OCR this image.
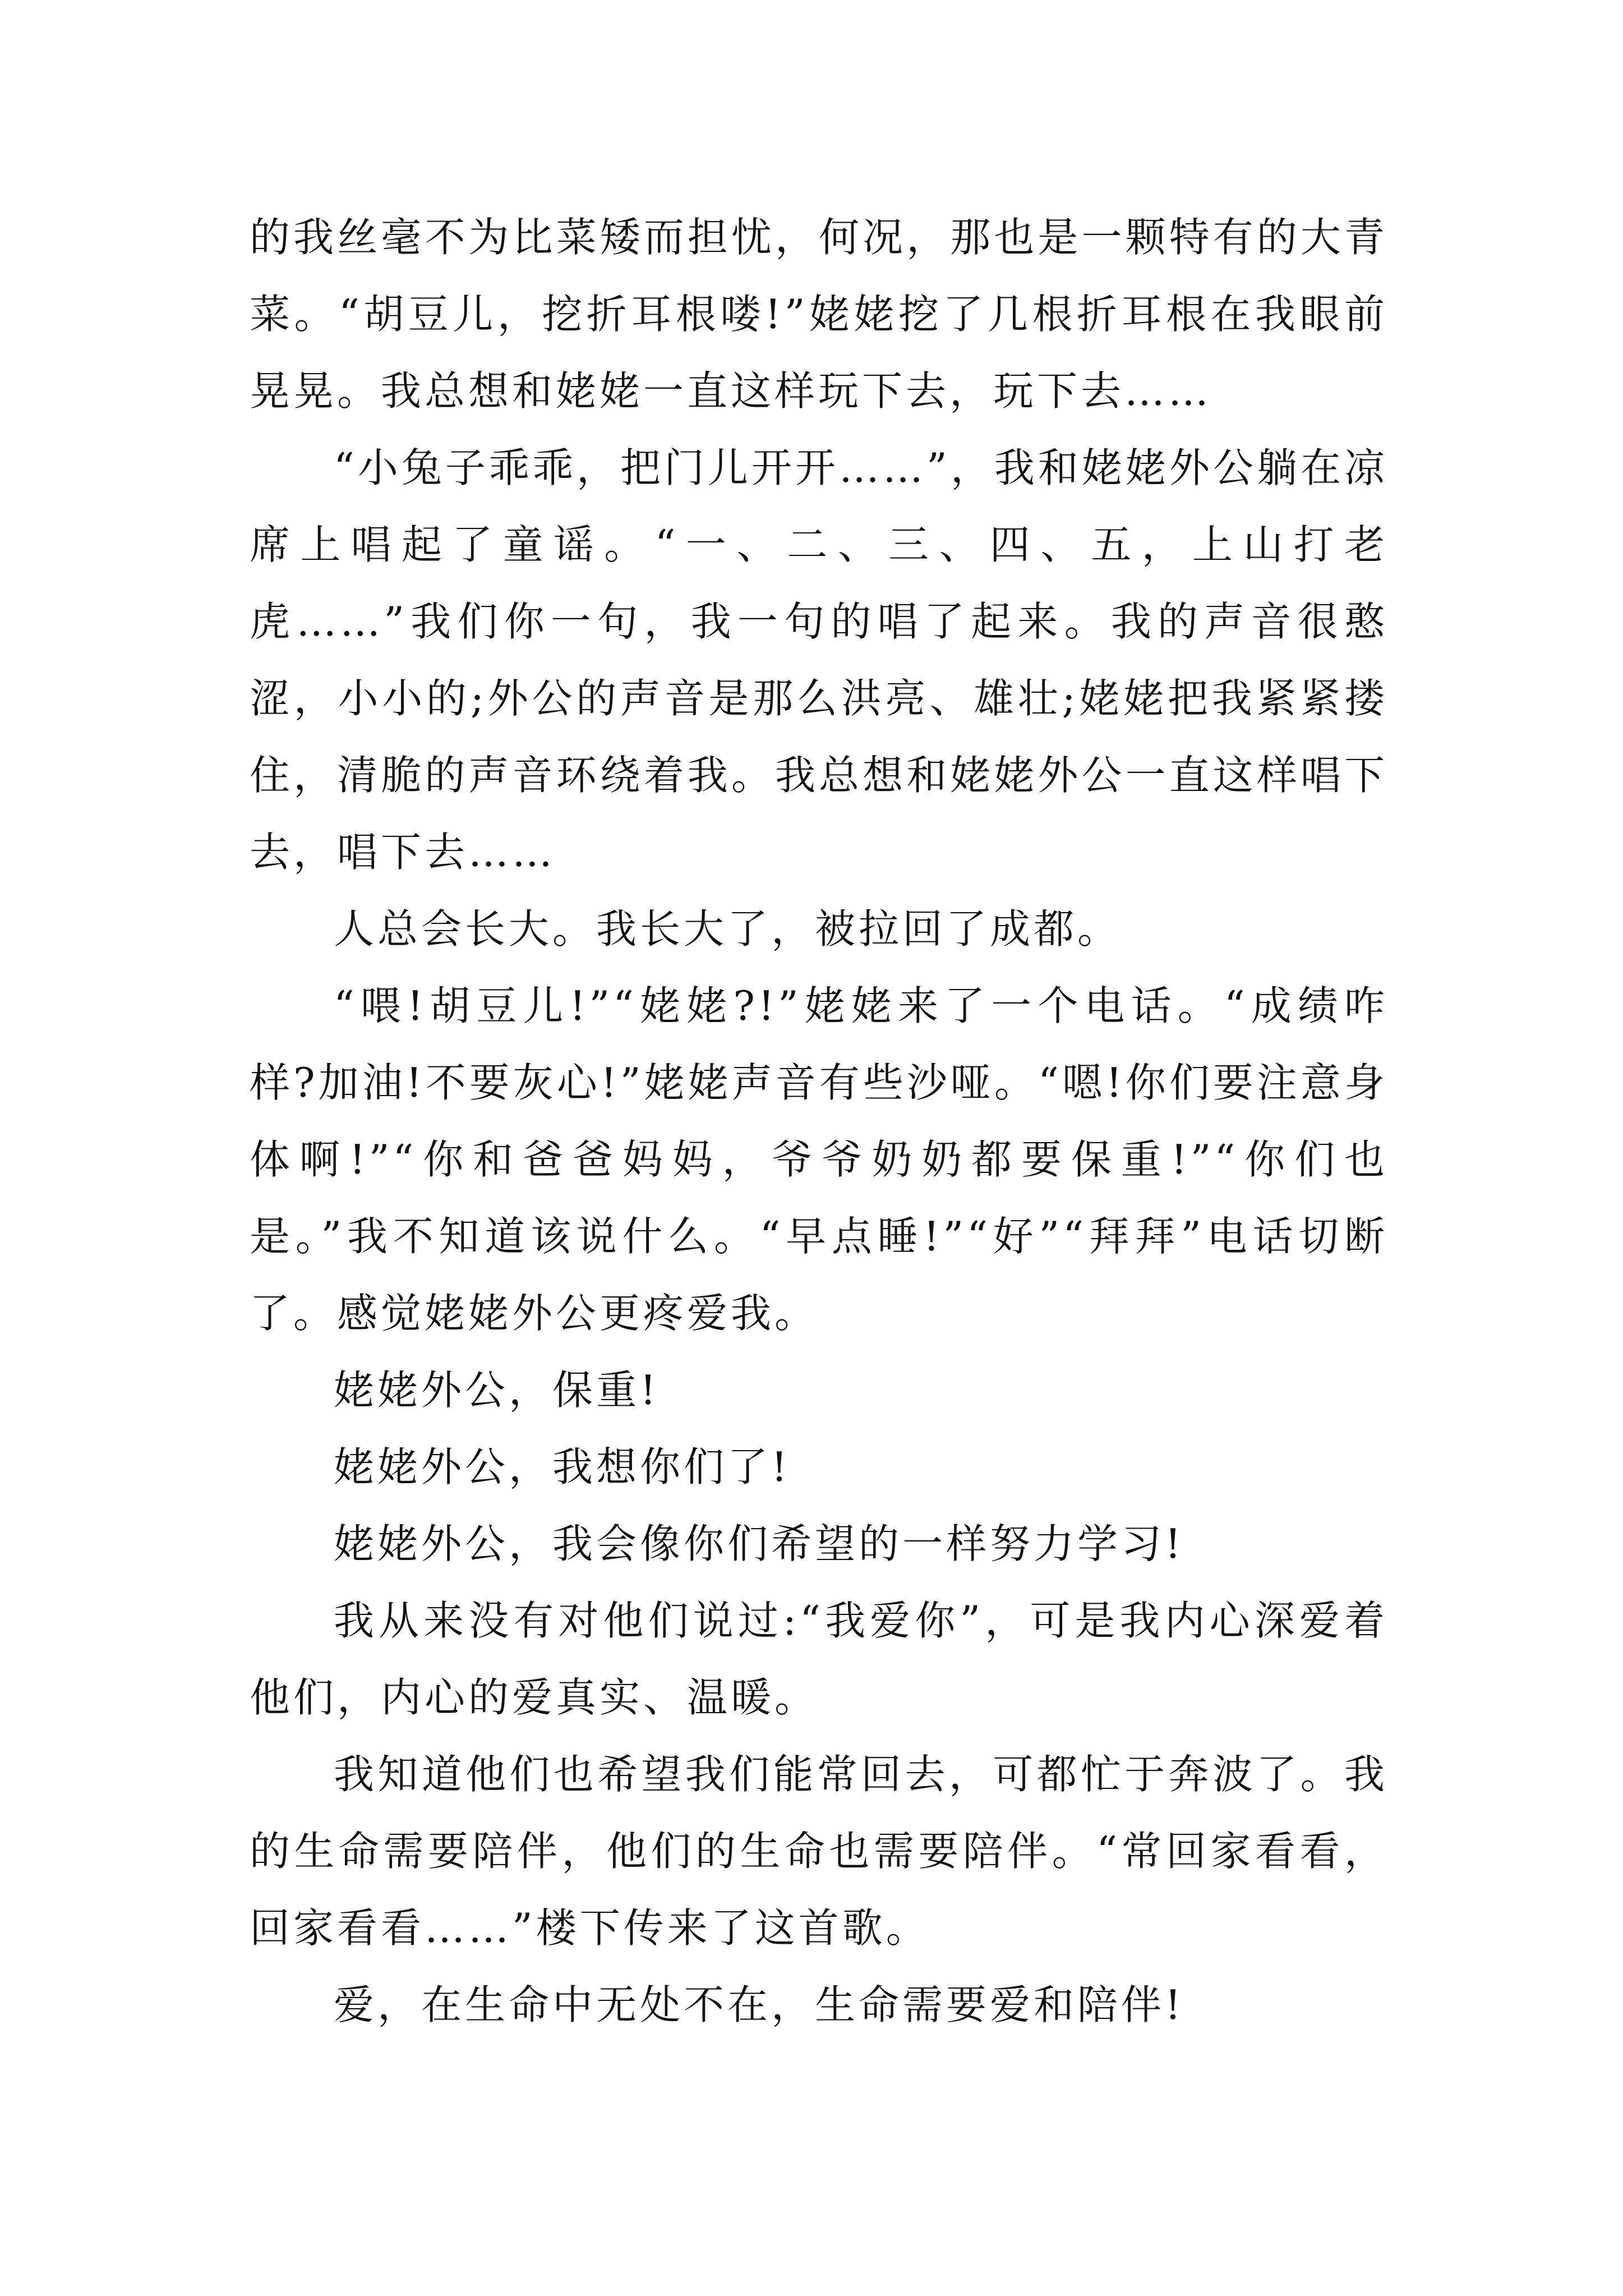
的我丝毫不为比菜矮而担忧，何况，那也是一颗特有的大青菜。“胡豆儿，挖折耳根喽!”姥姥挖了几根折耳根在我眼前晃晃。我总想和姥姥一直这样玩下去，玩下去……

“小兔子乖乖，把门儿开开……”，我和姥姥外公躺在凉席上唱起了童谣。“一、二、三、四、五，上山打老虎……”我们你一句，我一句的唱了起来。我的声音很憨涩，小小的;外公的声音是那么洪亮、雄壮;姥姥把我紧紧搂住，清脆的声音环绕着我。我总想和姥姥外公一直这样唱下去，唱下去……

人总会长大。我长大了，被拉回了成都。

“喂!胡豆儿!”“姥姥?!”姥姥来了一个电话。“成绩咋样?加油!不要灰心!”姥姥声音有些沙哑。“嗯!你们要注意身体啊!”“你和爸爸妈妈，爷爷奶奶都要保重!”“你们也是。”我不知道该说什么。“早点睡!”“好”“拜拜”电话切断了。感觉姥姥外公更疼爱我。

姥姥外公，保重!

姥姥外公，我想你们了!

姥姥外公，我会像你们希望的一样努力学习!

我从来没有对他们说过:“我爱你”，可是我内心深爱着他们，内心的爱真实、温暖。

我知道他们也希望我们能常回去，可都忙于奔波了。我的生命需要陪伴，他们的生命也需要陪伴。“常回家看看，回家看看……”楼下传来了这首歌。

爱，在生命中无处不在，生命需要爱和陪伴!
